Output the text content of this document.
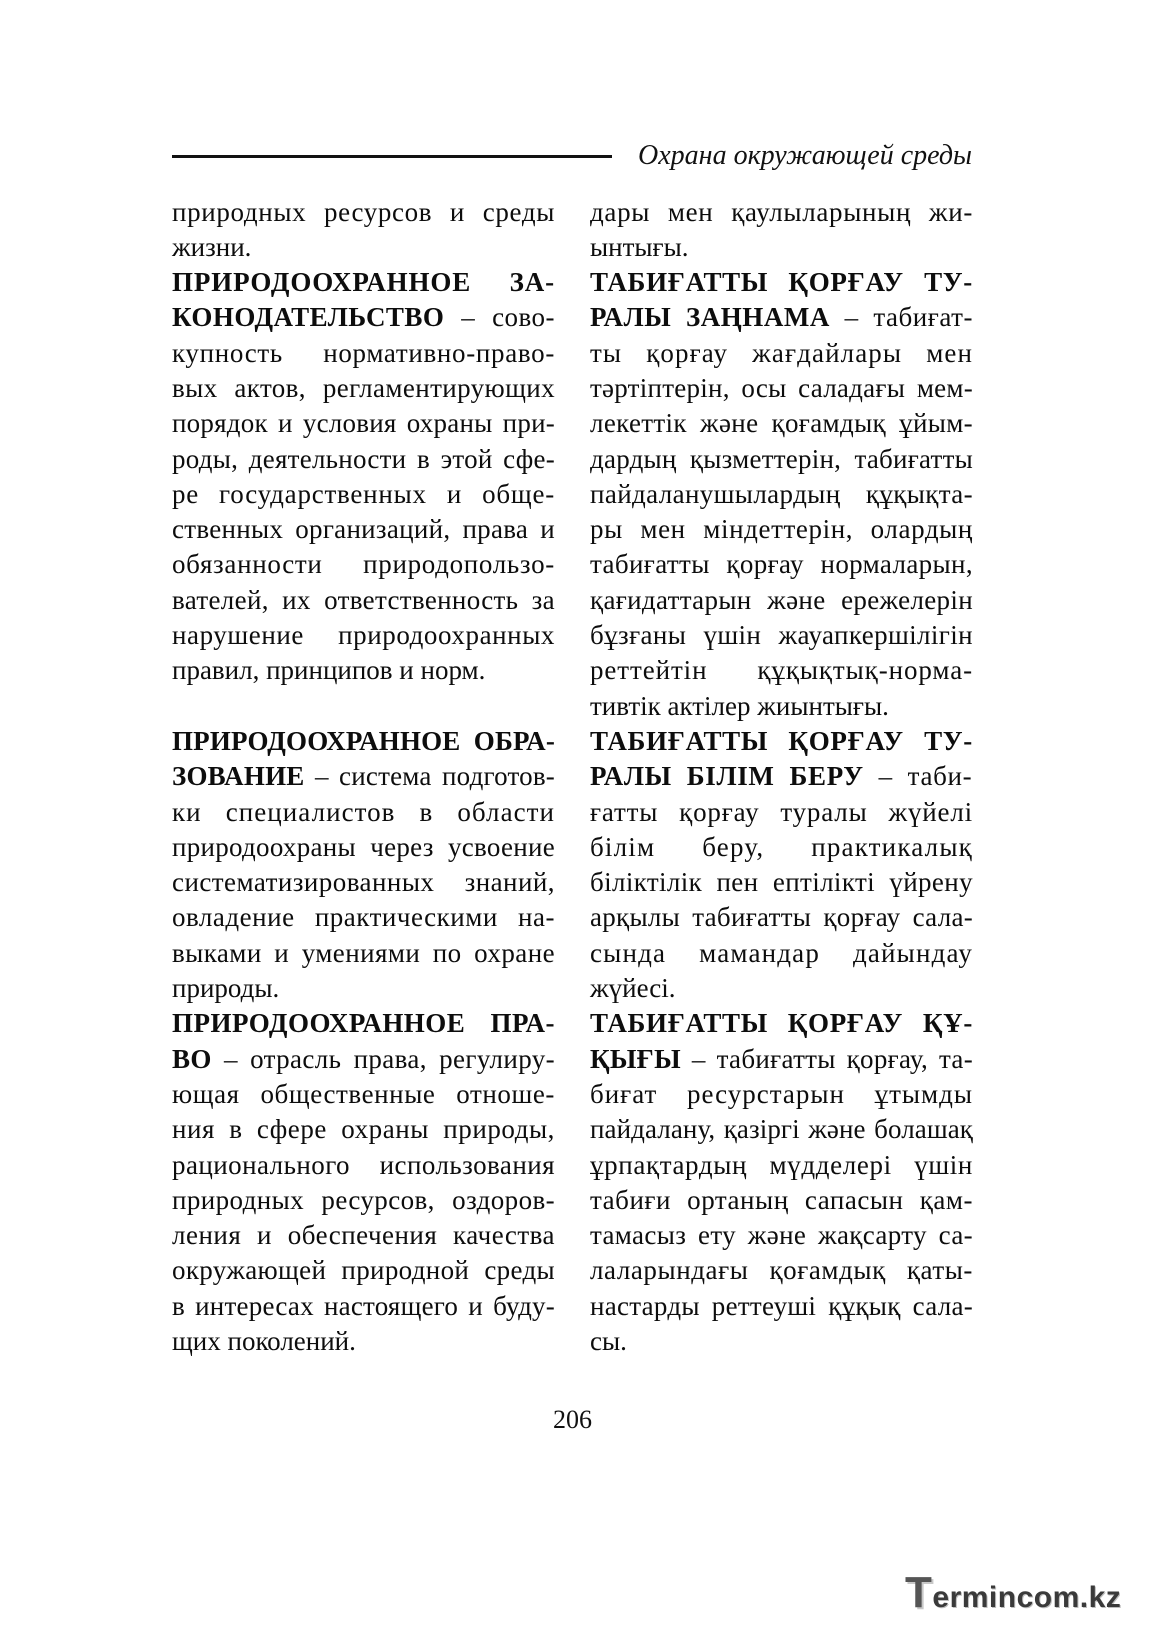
Охрана окружающей среды
природных ресурсов и среды
жизни.
ПРИРОДООХРАННОЕ ЗА-
КОНОДАТЕЛЬСТВО – сово-
купность нормативно-право-
вых актов, регламентирующих
порядок и условия охраны при-
роды, деятельности в этой сфе-
ре государственных и обще-
ственных организаций, права и
обязанности природопользо-
вателей, их ответственность за
нарушение природоохранных
правил, принципов и норм.
ПРИРОДООХРАННОЕ ОБРА-
ЗОВАНИЕ – система подготов-
ки специалистов в области
природоохраны через усвоение
систематизированных знаний,
овладение практическими на-
выками и умениями по охране
природы.
ПРИРОДООХРАННОЕ ПРА-
ВО – отрасль права, регулиру-
ющая общественные отноше-
ния в сфере охраны природы,
рационального использования
природных ресурсов, оздоров-
ления и обеспечения качества
окружающей природной среды
в интересах настоящего и буду-
щих поколений.
дары мен қаулыларының жи-
ынтығы.
ТАБИҒАТТЫ ҚОРҒАУ ТУ-
РАЛЫ ЗАҢНАМА – табиғат-
ты қорғау жағдайлары мен
тәртіптерін, осы саладағы мем-
лекеттік және қоғамдық ұйым-
дардың қызметтерін, табиғатты
пайдаланушылардың құқықта-
ры мен міндеттерін, олардың
табиғатты қорғау нормаларын,
қағидаттарын және ережелерін
бұзғаны үшін жауапкершілігін
реттейтін құқықтық-норма-
тивтік актілер жиынтығы.
ТАБИҒАТТЫ ҚОРҒАУ ТУ-
РАЛЫ БІЛІМ БЕРУ – таби-
ғатты қорғау туралы жүйелі
білім беру, практикалық
біліктілік пен ептілікті үйрену
арқылы табиғатты қорғау сала-
сында мамандар дайындау
жүйесі.
ТАБИҒАТТЫ ҚОРҒАУ ҚҰ-
ҚЫҒЫ – табиғатты қорғау, та-
биғат ресурстарын ұтымды
пайдалану, қазіргі және болашақ
ұрпақтардың мүдделері үшін
табиғи ортаның сапасын қам-
тамасыз ету және жақсарту са-
лаларындағы қоғамдық қаты-
настарды реттеуші құқық сала-
сы.
206
Termincom.kz
